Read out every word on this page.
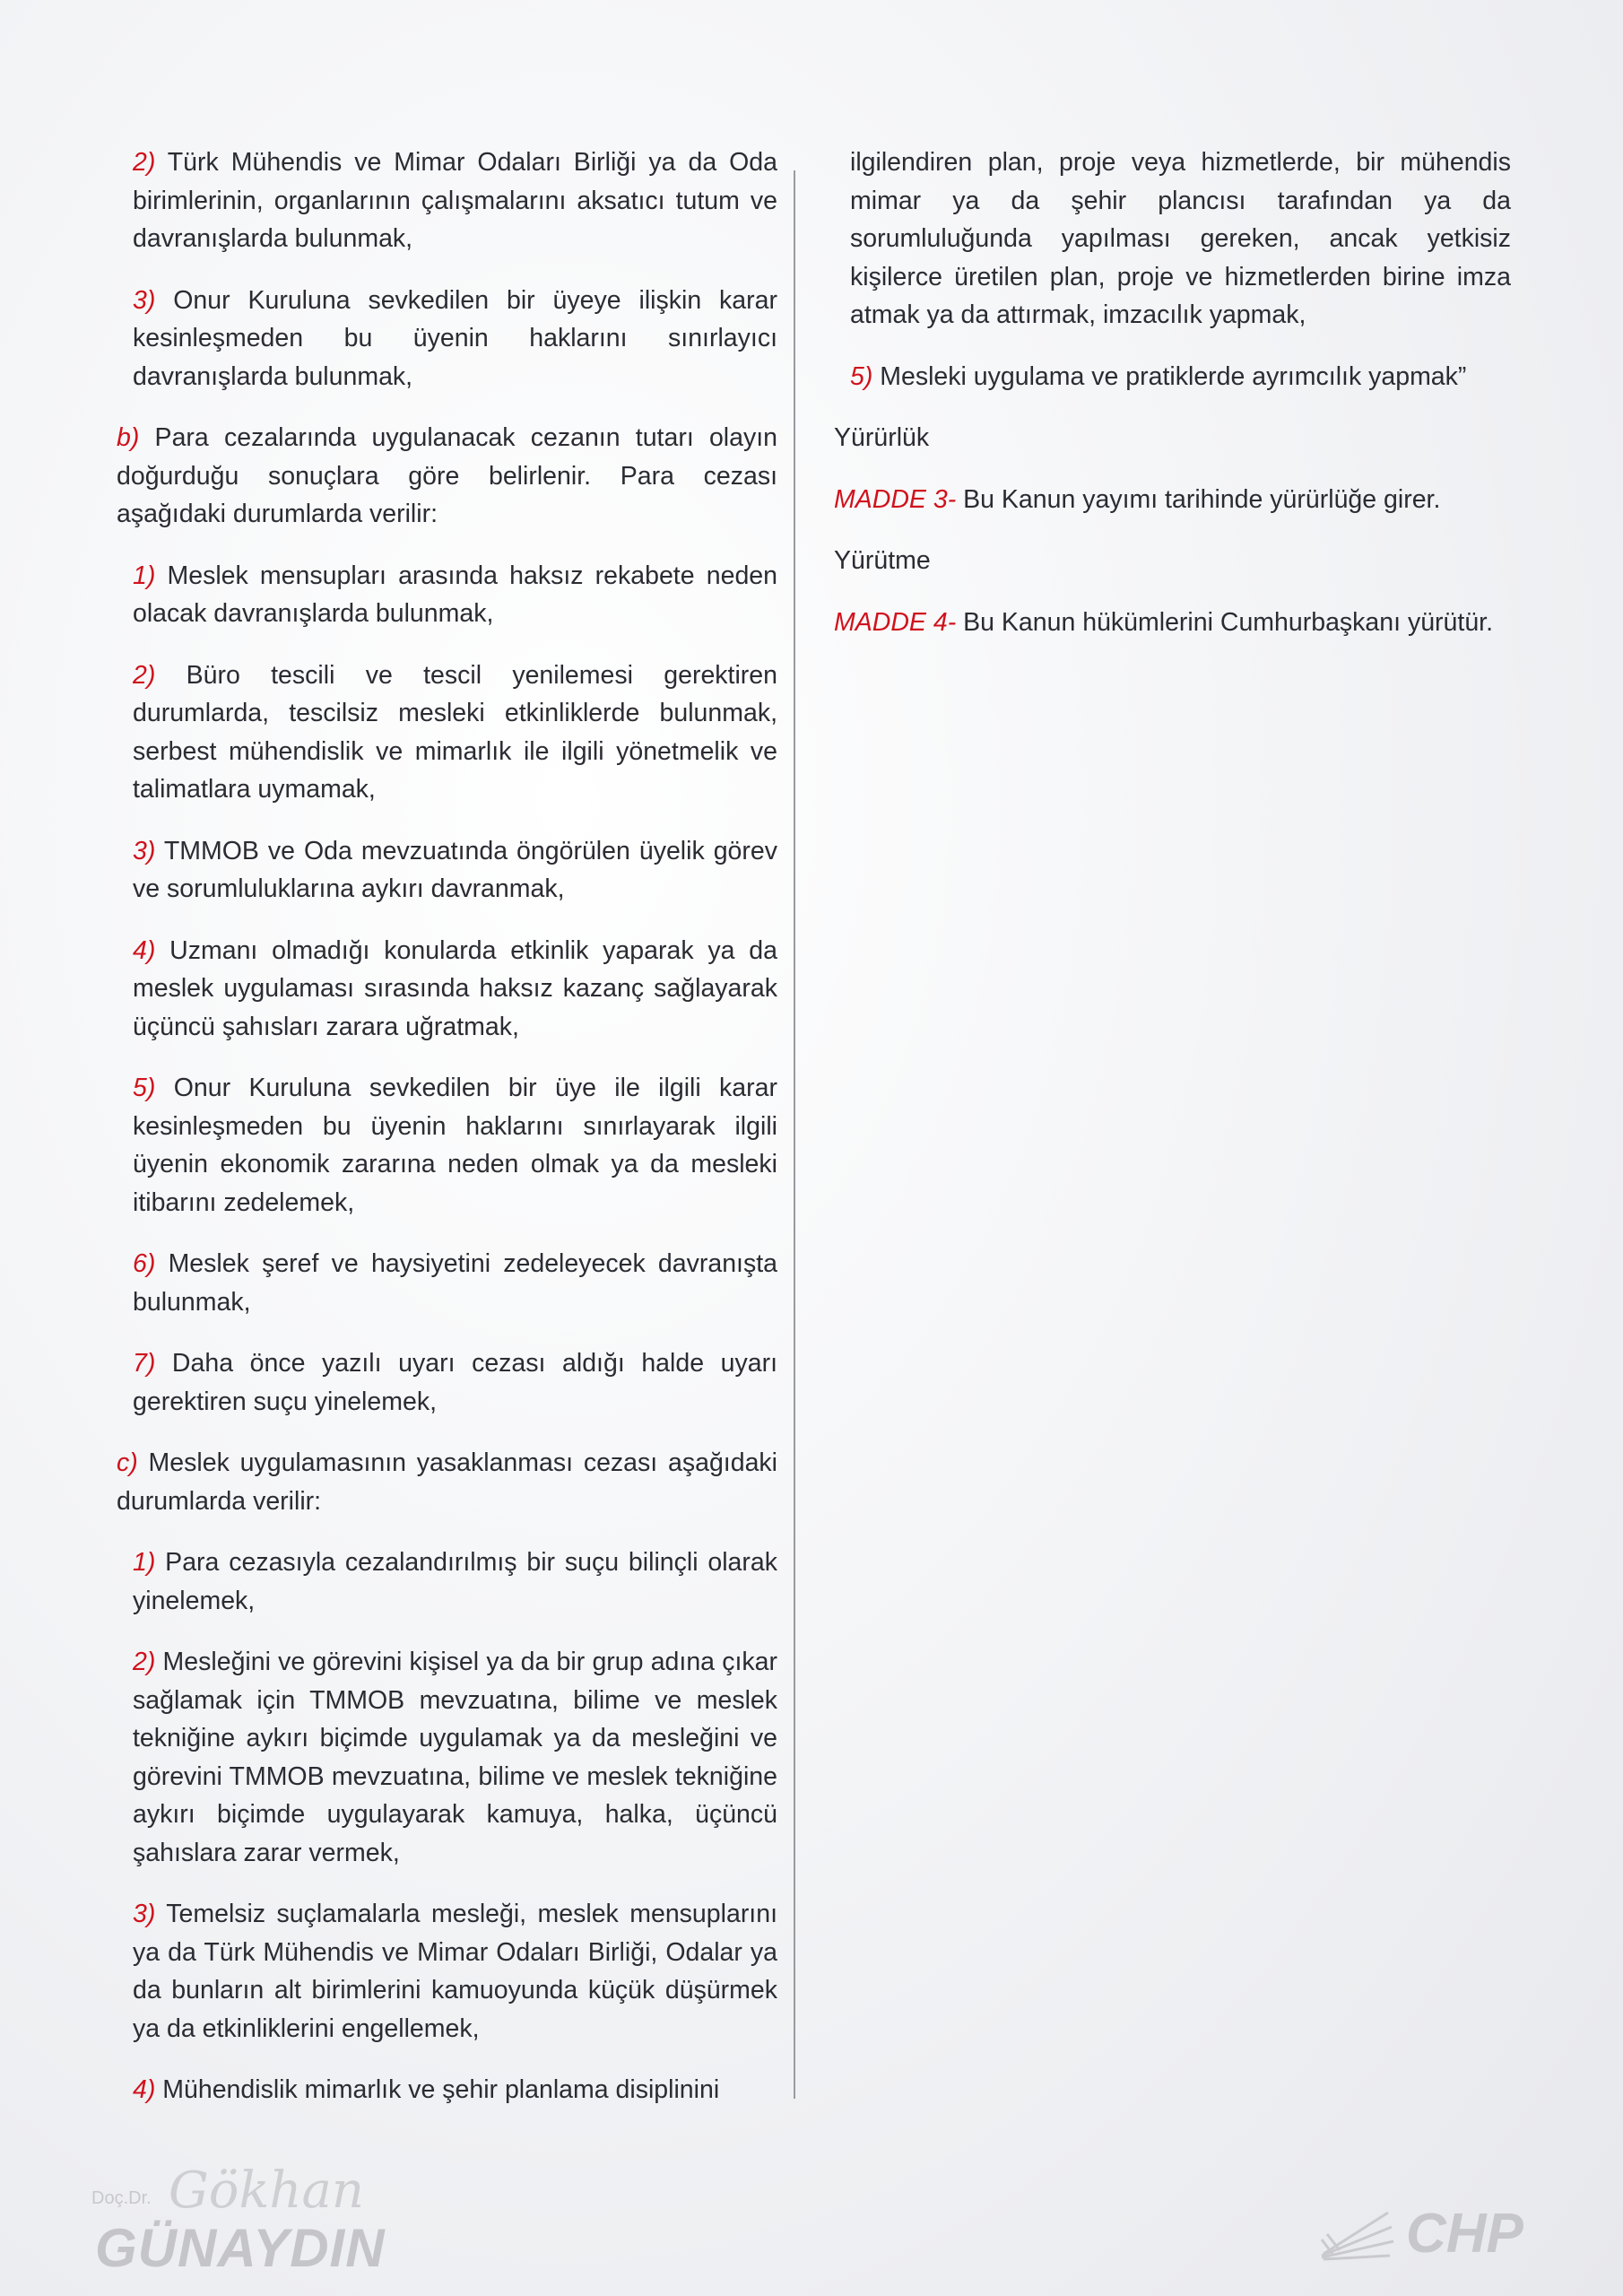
2) Türk Mühendis ve Mimar Odaları Birliği ya da Oda birimlerinin, organlarının çalışmalarını aksatıcı tutum ve davranışlarda bulunmak,

3) Onur Kuruluna sevkedilen bir üyeye ilişkin karar kesinleşmeden bu üyenin haklarını sınırlayıcı davranışlarda bulunmak,

b) Para cezalarında uygulanacak cezanın tutarı olayın doğurduğu sonuçlara göre belirlenir. Para cezası aşağıdaki durumlarda verilir:

1) Meslek mensupları arasında haksız rekabete neden olacak davranışlarda bulunmak,

2) Büro tescili ve tescil yenilemesi gerektiren durumlarda, tescilsiz mesleki etkinliklerde bulunmak, serbest mühendislik ve mimarlık ile ilgili yönetmelik ve talimatlara uymamak,

3) TMMOB ve Oda mevzuatında öngörülen üyelik görev ve sorumluluklarına aykırı davranmak,

4) Uzmanı olmadığı konularda etkinlik yaparak ya da meslek uygulaması sırasında haksız kazanç sağlayarak üçüncü şahısları zarara uğratmak,

5) Onur Kuruluna sevkedilen bir üye ile ilgili karar kesinleşmeden bu üyenin haklarını sınırlayarak ilgili üyenin ekonomik zararına neden olmak ya da mesleki itibarını zedelemek,

6) Meslek şeref ve haysiyetini zedeleyecek davranışta bulunmak,

7) Daha önce yazılı uyarı cezası aldığı halde uyarı gerektiren suçu yinelemek,

c) Meslek uygulamasının yasaklanması cezası aşağıdaki durumlarda verilir:

1) Para cezasıyla cezalandırılmış bir suçu bilinçli olarak yinelemek,

2) Mesleğini ve görevini kişisel ya da bir grup adına çıkar sağlamak için TMMOB mevzuatına, bilime ve meslek tekniğine aykırı biçimde uygulamak ya da mesleğini ve görevini TMMOB mevzuatına, bilime ve meslek tekniğine aykırı biçimde uygulayarak kamuya, halka, üçüncü şahıslara zarar vermek,

3) Temelsiz suçlamalarla mesleği, meslek mensuplarını ya da Türk Mühendis ve Mimar Odaları Birliği, Odalar ya da bunların alt birimlerini kamuoyunda küçük düşürmek ya da etkinliklerini engellemek,

4) Mühendislik mimarlık ve şehir planlama disiplinini

ilgilendiren plan, proje veya hizmetlerde, bir mühendis mimar ya da şehir plancısı tarafından ya da sorumluluğunda yapılması gereken, ancak yetkisiz kişilerce üretilen plan, proje ve hizmetlerden birine imza atmak ya da attırmak, imzacılık yapmak,

5) Mesleki uygulama ve pratiklerde ayrımcılık yapmak”

Yürürlük

MADDE 3- Bu Kanun yayımı tarihinde yürürlüğe girer.

Yürütme

MADDE 4- Bu Kanun hükümlerini Cumhurbaşkanı yürütür.

Doç.Dr. Gökhan
GÜNAYDIN	CHP
